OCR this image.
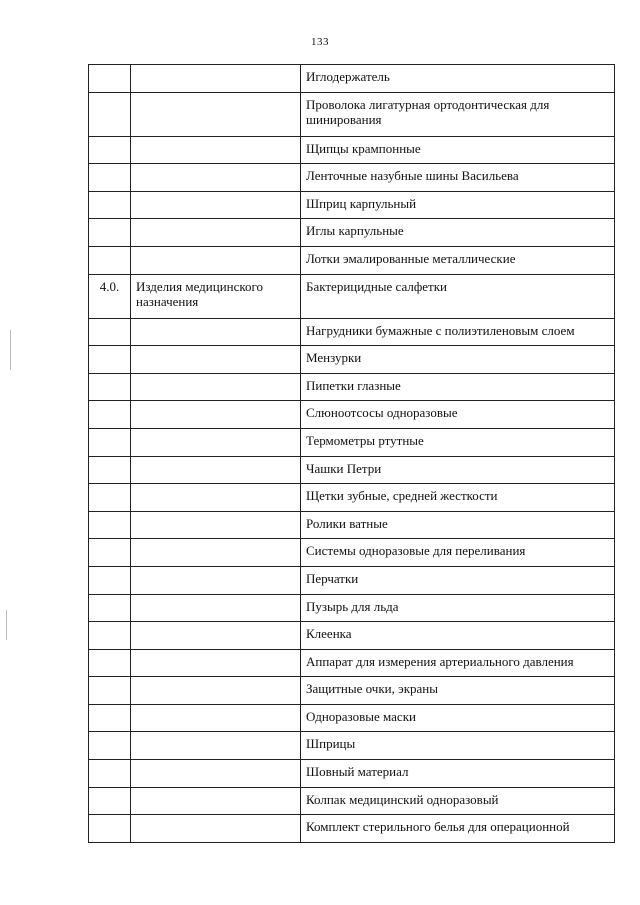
133
		Иглодержатель
		Проволока лигатурная ортодонтическая для шинирования
		Щипцы крампонные
		Ленточные назубные шины Васильева
		Шприц карпульный
		Иглы карпульные
		Лотки эмалированные металлические
4.0.	Изделия медицинского назначения	Бактерицидные салфетки
		Нагрудники бумажные с полиэтиленовым слоем
		Мензурки
		Пипетки глазные
		Слюноотсосы одноразовые
		Термометры ртутные
		Чашки Петри
		Щетки зубные, средней жесткости
		Ролики ватные
		Системы одноразовые для переливания
		Перчатки
		Пузырь для льда
		Клеенка
		Аппарат для измерения артериального давления
		Защитные очки, экраны
		Одноразовые маски
		Шприцы
		Шовный материал
		Колпак медицинский одноразовый
		Комплект стерильного белья для операционной
